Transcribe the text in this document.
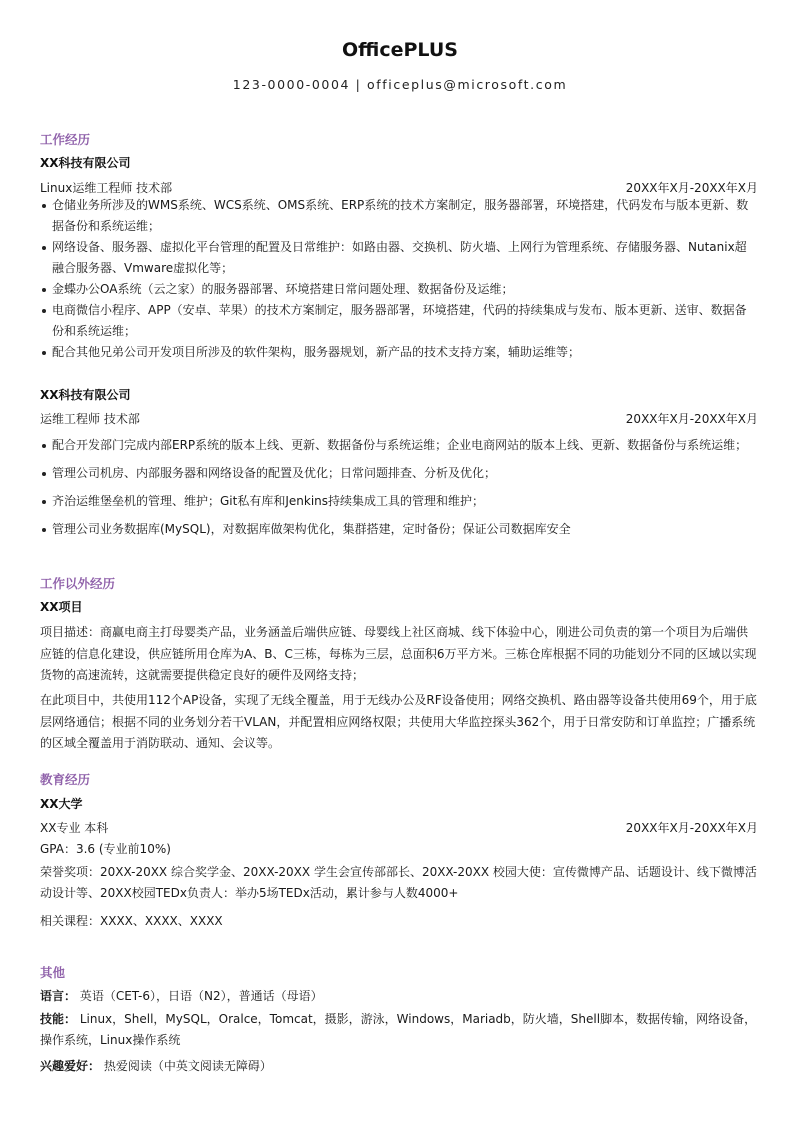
OfficePLUS
123-0000-0004 | officeplus@microsoft.com
工作经历
XX科技有限公司
Linux运维工程师 技术部	20XX年X月-20XX年X月
仓储业务所涉及的WMS系统、WCS系统、OMS系统、ERP系统的技术方案制定，服务器部署，环境搭建，代码发布与版本更新、数据备份和系统运维；
网络设备、服务器、虚拟化平台管理的配置及日常维护：如路由器、交换机、防火墙、上网行为管理系统、存储服务器、Nutanix超融合服务器、Vmware虚拟化等；
金蝶办公OA系统（云之家）的服务器部署、环境搭建日常问题处理、数据备份及运维；
电商微信小程序、APP（安卓、苹果）的技术方案制定，服务器部署，环境搭建，代码的持续集成与发布、版本更新、送审、数据备份和系统运维；
配合其他兄弟公司开发项目所涉及的软件架构，服务器规划，新产品的技术支持方案，辅助运维等；
XX科技有限公司
运维工程师 技术部	20XX年X月-20XX年X月
配合开发部门完成内部ERP系统的版本上线、更新、数据备份与系统运维；企业电商网站的版本上线、更新、数据备份与系统运维；
管理公司机房、内部服务器和网络设备的配置及优化；日常问题排查、分析及优化；
齐治运维堡垒机的管理、维护；Git私有库和Jenkins持续集成工具的管理和维护；
管理公司业务数据库(MySQL)，对数据库做架构优化，集群搭建，定时备份；保证公司数据库安全
工作以外经历
XX项目

项目描述：商赢电商主打母婴类产品，业务涵盖后端供应链、母婴线上社区商城、线下体验中心，刚进公司负责的第一个项目为后端供应链的信息化建设，供应链所用仓库为A、B、C三栋，每栋为三层，总面积6万平方米。三栋仓库根据不同的功能划分不同的区域以实现货物的高速流转，这就需要提供稳定良好的硬件及网络支持；

在此项目中，共使用112个AP设备，实现了无线全覆盖，用于无线办公及RF设备使用；网络交换机、路由器等设备共使用69个，用于底层网络通信；根据不同的业务划分若干VLAN，并配置相应网络权限；共使用大华监控探头362个，用于日常安防和订单监控；广播系统的区域全覆盖用于消防联动、通知、会议等。

教育经历
XX大学
XX专业 本科	20XX年X月-20XX年X月
GPA：3.6 (专业前10%)
荣誉奖项：20XX-20XX 综合奖学金、20XX-20XX 学生会宣传部部长、20XX-20XX 校园大使：宣传微博产品、话题设计、线下微博活动设计等、20XX校园TEDx负责人：举办5场TEDx活动，累计参与人数4000+
相关课程：XXXX、XXXX、XXXX
其他
语言： 英语（CET-6），日语（N2），普通话（母语）
技能： Linux，Shell，MySQL，Oralce，Tomcat，摄影，游泳，Windows，Mariadb，防火墙，Shell脚本，数据传输，网络设备，操作系统，Linux操作系统
兴趣爱好： 热爱阅读（中英文阅读无障碍）
